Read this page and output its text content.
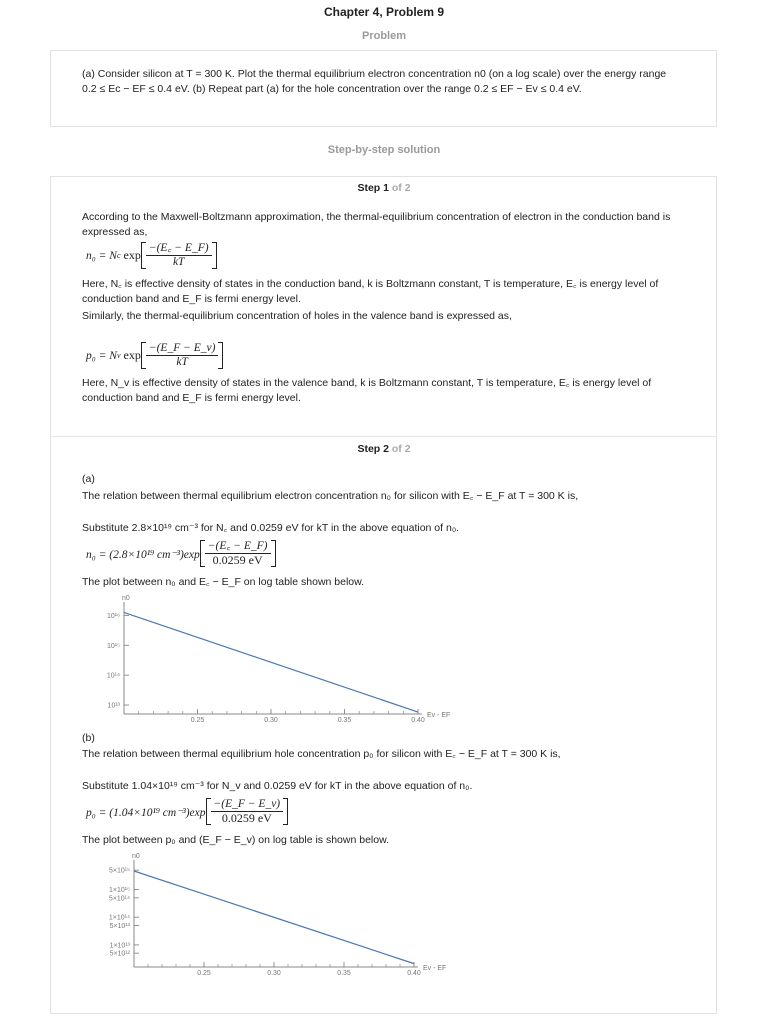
Chapter 4, Problem 9
Problem
(a) Consider silicon at T = 300 K. Plot the thermal equilibrium electron concentration n0 (on a log scale) over the energy range 0.2 ≤ Ec − EF ≤ 0.4 eV. (b) Repeat part (a) for the hole concentration over the range 0.2 ≤ EF − Ev ≤ 0.4 eV.
Step-by-step solution
Step 1 of 2
According to the Maxwell-Boltzmann approximation, the thermal-equilibrium concentration of electron in the conduction band is expressed as,
n₀ = N c $\exp \frac{-(E꜀ - E\_F)}{kT}$
Here, N꜀ is effective density of states in the conduction band, k is Boltzmann constant, T is temperature, E꜀ is energy level of conduction band and E_F is fermi energy level.
Similarly, the thermal-equilibrium concentration of holes in the valence band is expressed as,
p₀ = N v $\exp \frac{-(E\_F - E\_v)}{kT}$
Here, N_v is effective density of states in the valence band, k is Boltzmann constant, T is temperature, E꜀ is energy level of conduction band and E_F is fermi energy level.
Step 2 of 2
(a)
The relation between thermal equilibrium electron concentration n₀ for silicon with E꜀ − E_F at T = 300 K is,
Substitute 2.8×10¹⁹ cm⁻³ for N꜀ and 0.0259 eV for kT in the above equation of n₀.
n₀ = (2.8×10¹⁹ $cm^{-3})\exp \frac{-(E꜀ - E\_F)}{0.0259 eV}$
The plot between n₀ and E꜀ − E_F on log table shown below.
0.25	0.30	0.35	0.40
10¹⁶
10¹⁵
10¹⁴
10¹³
n0
Ev - EF
(b)
The relation between thermal equilibrium hole concentration p₀ for silicon with E꜀ − E_F at T = 300 K is,
Substitute 1.04×10¹⁹ cm⁻³ for N_v and 0.0259 eV for kT in the above equation of n₀.
p₀ = (1.04×10¹⁹ $cm^{-3})\exp \frac{-(E\_F - E\_v)}{0.0259 eV}$
The plot between p₀ and (E_F − E_v) on log table is shown below.
0.25	0.30	0.35	0.40
5×10¹⁵
1×10¹⁵
5×10¹⁴
1×10¹⁴
5×10¹³
1×10¹³
5×10¹²
n0
Ev - EF
